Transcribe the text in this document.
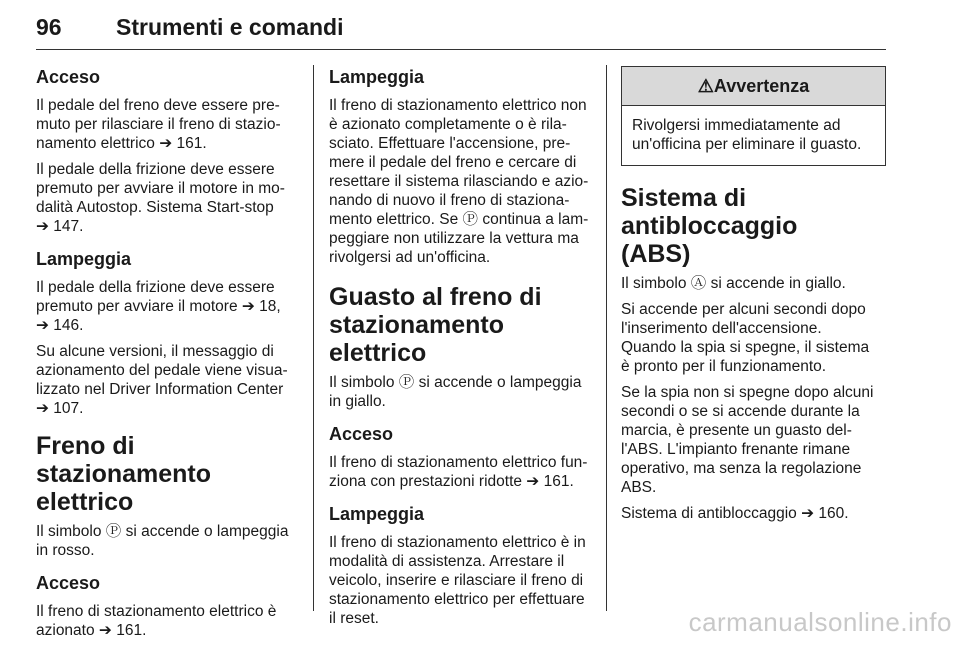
96 Strumenti e comandi
Acceso

Il pedale del freno deve essere pre-
muto per rilasciare il freno di stazio-
namento elettrico ➔ 161.

Il pedale della frizione deve essere
premuto per avviare il motore in mo-
dalità Autostop. Sistema Start-stop
➔ 147.

Lampeggia

Il pedale della frizione deve essere
premuto per avviare il motore ➔ 18,
➔ 146.

Su alcune versioni, il messaggio di
azionamento del pedale viene visua-
lizzato nel Driver Information Center
➔ 107.

Freno di stazionamento
elettrico

Il simbolo Ⓟ si accende o lampeggia
in rosso.

Acceso

Il freno di stazionamento elettrico è
azionato ➔ 161.

Lampeggia

Il freno di stazionamento elettrico non
è azionato completamente o è rila-
sciato. Effettuare l'accensione, pre-
mere il pedale del freno e cercare di
resettare il sistema rilasciando e azio-
nando di nuovo il freno di staziona-
mento elettrico. Se Ⓟ continua a lam-
peggiare non utilizzare la vettura ma
rivolgersi ad un'officina.

Guasto al freno di
stazionamento elettrico

Il simbolo Ⓟ si accende o lampeggia
in giallo.

Acceso

Il freno di stazionamento elettrico fun-
ziona con prestazioni ridotte ➔ 161.

Lampeggia

Il freno di stazionamento elettrico è in
modalità di assistenza. Arrestare il
veicolo, inserire e rilasciare il freno di
stazionamento elettrico per effettuare
il reset.

⚠Avvertenza
Rivolgersi immediatamente ad
un'officina per eliminare il guasto.
Sistema di antibloccaggio
(ABS)

Il simbolo Ⓐ si accende in giallo.

Si accende per alcuni secondi dopo
l'inserimento dell'accensione.
Quando la spia si spegne, il sistema
è pronto per il funzionamento.

Se la spia non si spegne dopo alcuni
secondi o se si accende durante la
marcia, è presente un guasto del-
l'ABS. L'impianto frenante rimane
operativo, ma senza la regolazione
ABS.

Sistema di antibloccaggio ➔ 160.

carmanualsonline.info
